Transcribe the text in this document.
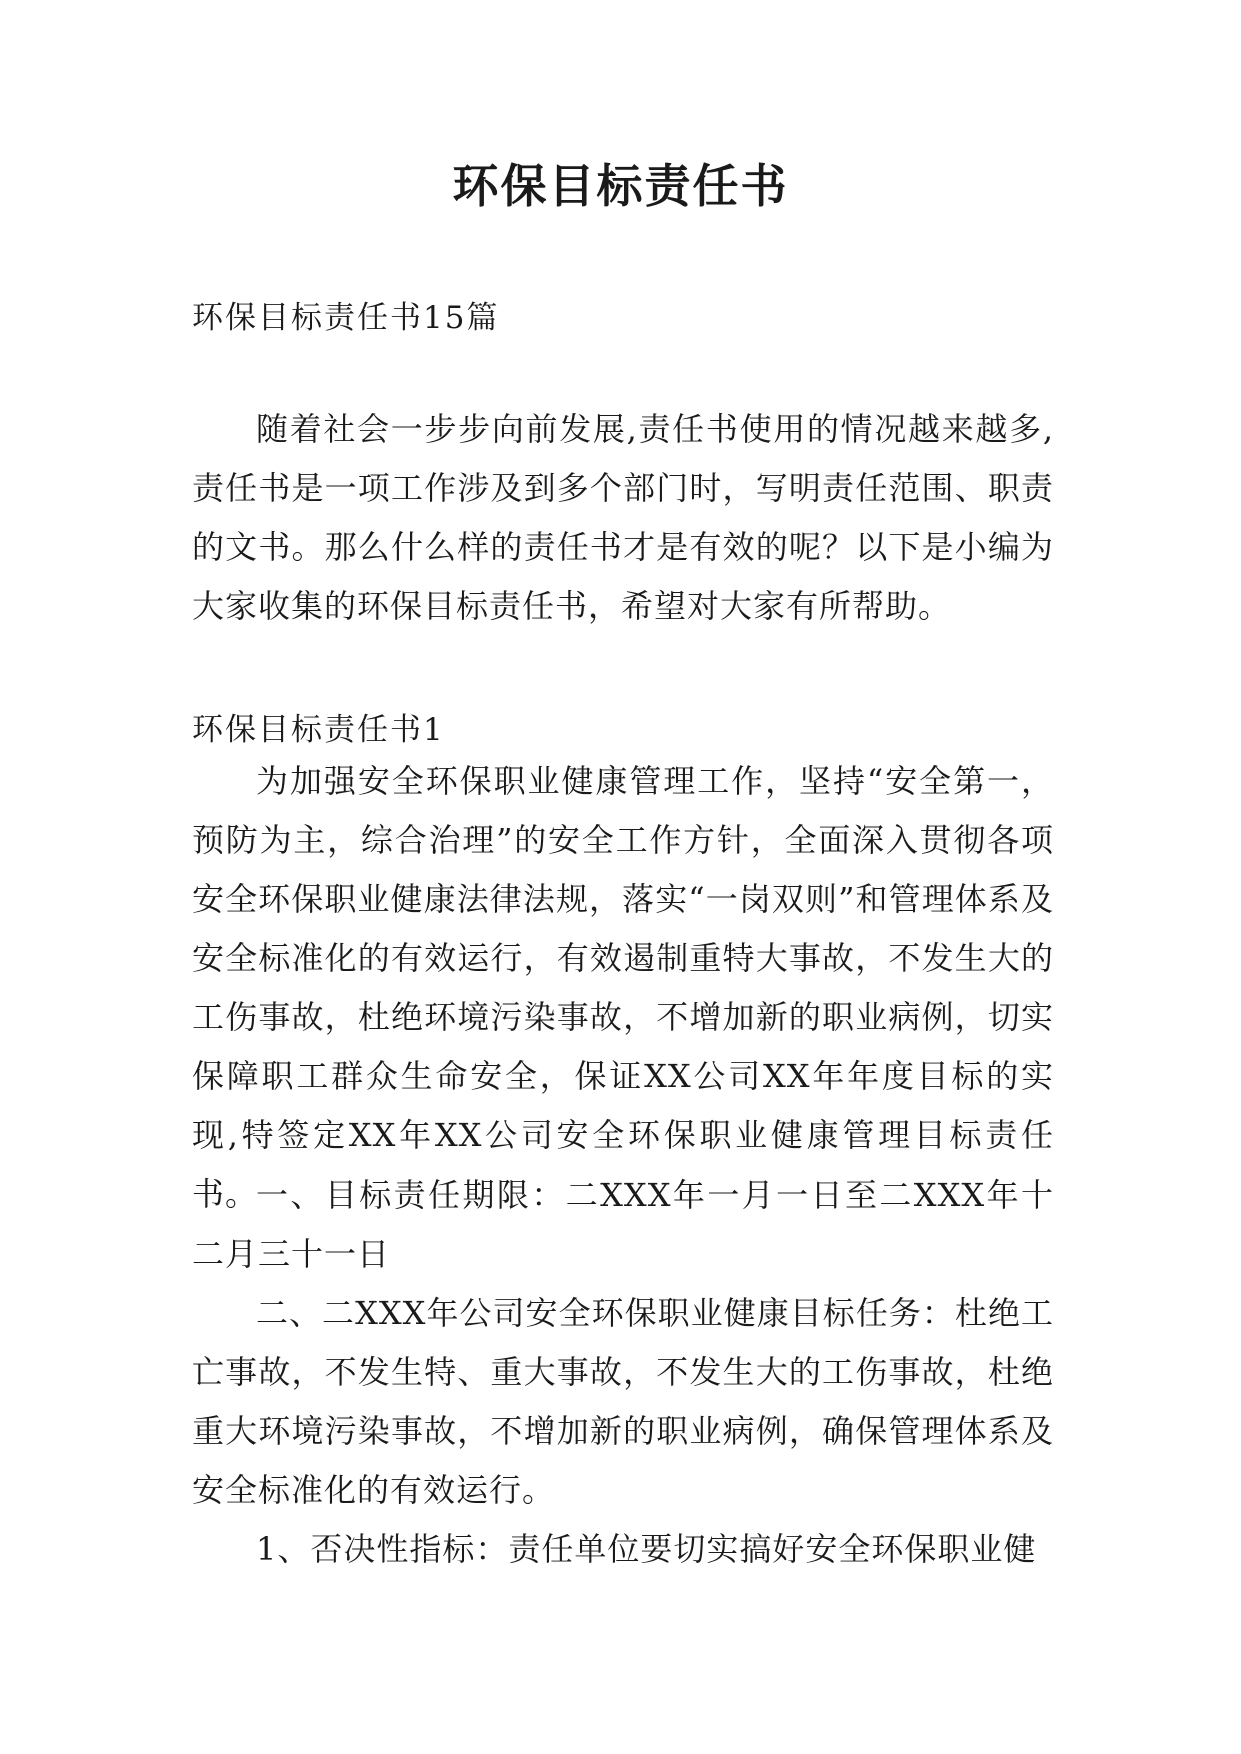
环保目标责任书

环保目标责任书15篇

随着社会一步步向前发展,责任书使用的情况越来越多,责任书是一项工作涉及到多个部门时，写明责任范围、职责的文书。那么什么样的责任书才是有效的呢？以下是小编为大家收集的环保目标责任书，希望对大家有所帮助。

环保目标责任书1

为加强安全环保职业健康管理工作，坚持“安全第一，预防为主，综合治理”的安全工作方针，全面深入贯彻各项安全环保职业健康法律法规，落实“一岗双则”和管理体系及安全标准化的有效运行，有效遏制重特大事故，不发生大的工伤事故，杜绝环境污染事故，不增加新的职业病例，切实保障职工群众生命安全，保证XX公司XX年年度目标的实现,特签定XX年XX公司安全环保职业健康管理目标责任书。

一、目标责任期限：二XXX年一月一日至二XXX年十二月三十一日

二、二XXX年公司安全环保职业健康目标任务：杜绝工亡事故，不发生特、重大事故，不发生大的工伤事故，杜绝重大环境污染事故，不增加新的职业病例，确保管理体系及安全标准化的有效运行。

1、否决性指标：责任单位要切实搞好安全环保职业健
